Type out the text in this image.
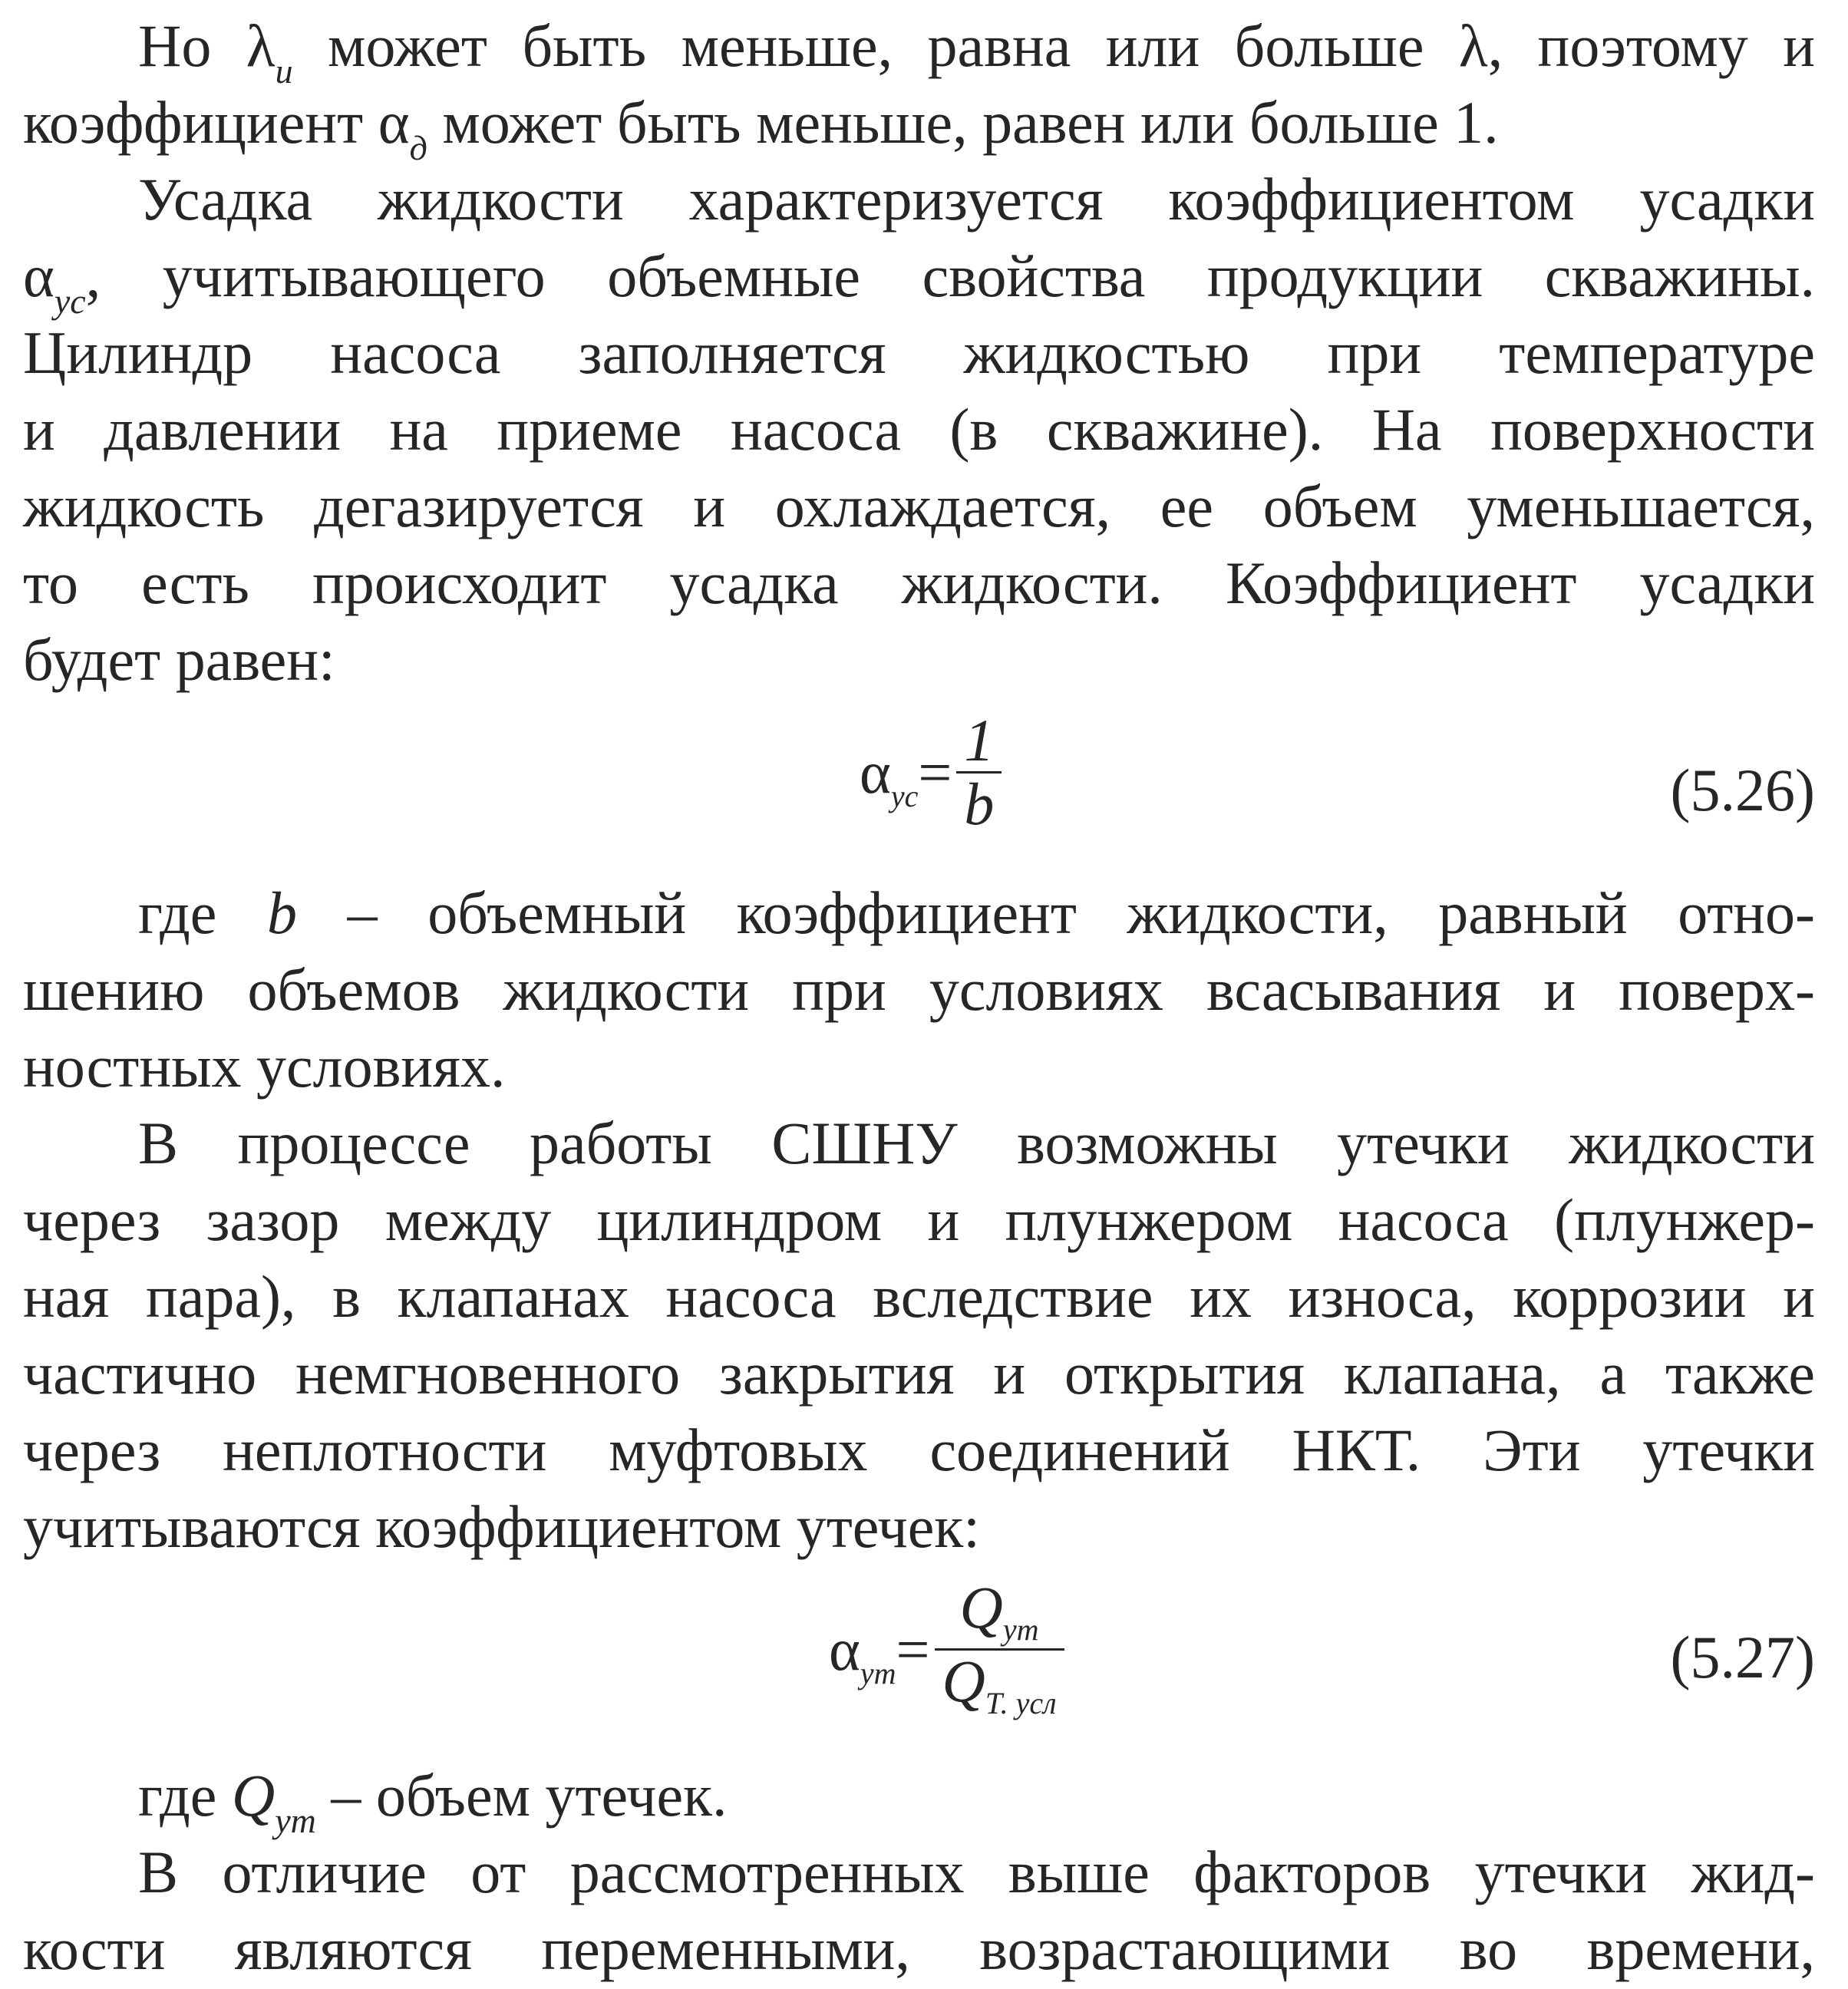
Но $\lambda_и$ может быть меньше, равна или больше λ, поэтому и
коэффициент $\alpha_д$ может быть меньше, равен или больше 1.
Усадка жидкости характеризуется коэффициентом усадки
$\alpha_{ус}$, учитывающего объемные свойства продукции скважины.
Цилиндр насоса заполняется жидкостью при температуре
и давлении на приеме насоса (в скважине). На поверхности
жидкость дегазируется и охлаждается, ее объем уменьшается,
то есть происходит усадка жидкости. Коэффициент усадки
будет равен:
$\alpha_{ус} = \frac{1}{b}$	(5.26)
где b – объемный коэффициент жидкости, равный отно-
шению объемов жидкости при условиях всасывания и поверх-
ностных условиях.
В процессе работы СШНУ возможны утечки жидкости
через зазор между цилиндром и плунжером насоса (плунжер-
ная пара), в клапанах насоса вследствие их износа, коррозии и
частично немгновенного закрытия и открытия клапана, а также
через неплотности муфтовых соединений НКТ. Эти утечки
учитываются коэффициентом утечек:
$\alpha_{ут} = \frac{Q_{ут}}{Q_{Т. усл}}$	(5.27)
где $Q_{ут}$ – объем утечек.
В отличие от рассмотренных выше факторов утечки жид-
кости являются переменными, возрастающими во времени,
